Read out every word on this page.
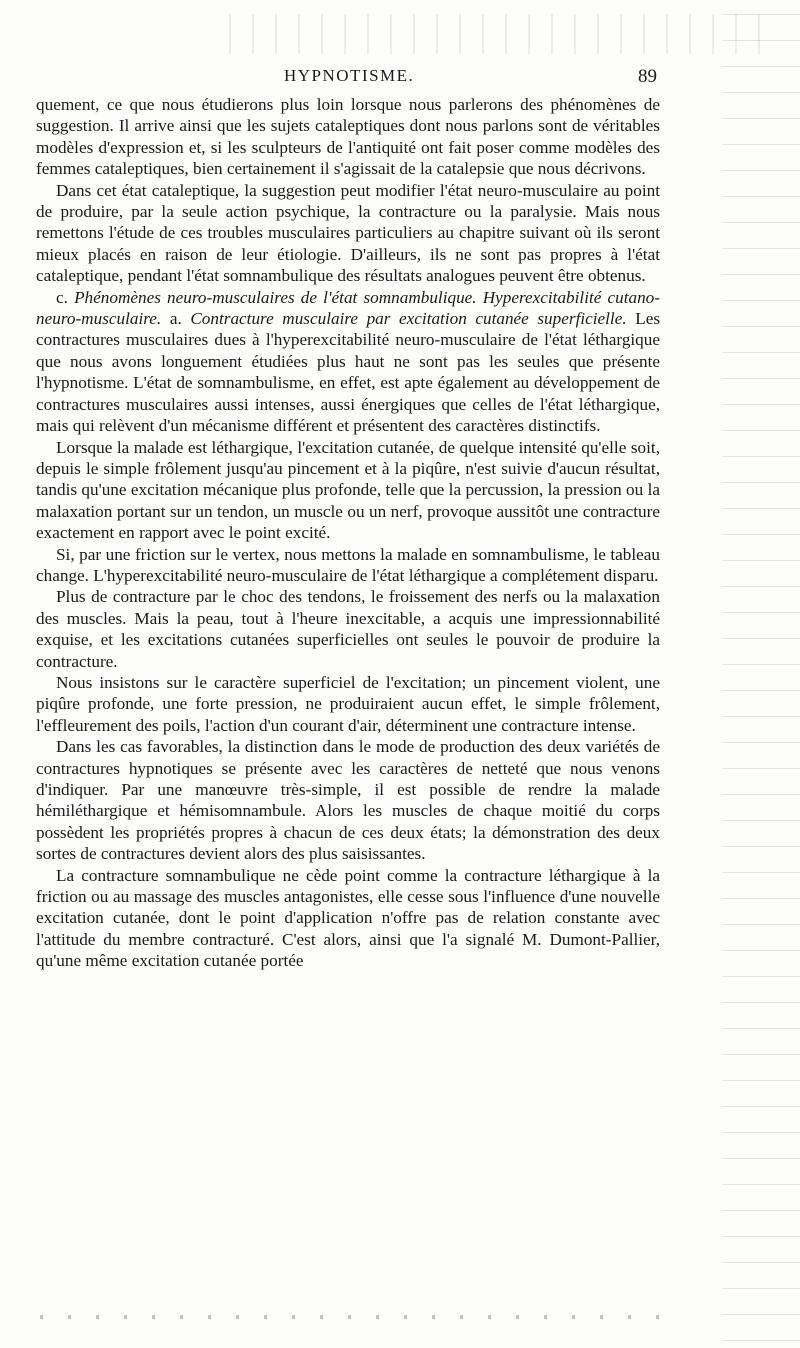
HYPNOTISME.	89

quement, ce que nous étudierons plus loin lorsque nous parlerons des phénomènes de suggestion. Il arrive ainsi que les sujets cataleptiques dont nous parlons sont de véritables modèles d'expression et, si les sculpteurs de l'antiquité ont fait poser comme modèles des femmes cataleptiques, bien certainement il s'agissait de la catalepsie que nous décrivons.

Dans cet état cataleptique, la suggestion peut modifier l'état neuro-musculaire au point de produire, par la seule action psychique, la contracture ou la paralysie. Mais nous remettons l'étude de ces troubles musculaires particuliers au chapitre suivant où ils seront mieux placés en raison de leur étiologie. D'ailleurs, ils ne sont pas propres à l'état cataleptique, pendant l'état somnambulique des résultats analogues peuvent être obtenus.

c. Phénomènes neuro-musculaires de l'état somnambulique. Hyperexcitabilité cutano-neuro-musculaire. a. Contracture musculaire par excitation cutanée superficielle. Les contractures musculaires dues à l'hyperexcitabilité neuro-musculaire de l'état léthargique que nous avons longuement étudiées plus haut ne sont pas les seules que présente l'hypnotisme. L'état de somnambulisme, en effet, est apte également au développement de contractures musculaires aussi intenses, aussi énergiques que celles de l'état léthargique, mais qui relèvent d'un mécanisme différent et présentent des caractères distinctifs.

Lorsque la malade est léthargique, l'excitation cutanée, de quelque intensité qu'elle soit, depuis le simple frôlement jusqu'au pincement et à la piqûre, n'est suivie d'aucun résultat, tandis qu'une excitation mécanique plus profonde, telle que la percussion, la pression ou la malaxation portant sur un tendon, un muscle ou un nerf, provoque aussitôt une contracture exactement en rapport avec le point excité.

Si, par une friction sur le vertex, nous mettons la malade en somnambulisme, le tableau change. L'hyperexcitabilité neuro-musculaire de l'état léthargique a complétement disparu.

Plus de contracture par le choc des tendons, le froissement des nerfs ou la malaxation des muscles. Mais la peau, tout à l'heure inexcitable, a acquis une impressionnabilité exquise, et les excitations cutanées superficielles ont seules le pouvoir de produire la contracture.

Nous insistons sur le caractère superficiel de l'excitation; un pincement violent, une piqûre profonde, une forte pression, ne produiraient aucun effet, le simple frôlement, l'effleurement des poils, l'action d'un courant d'air, déterminent une contracture intense.

Dans les cas favorables, la distinction dans le mode de production des deux variétés de contractures hypnotiques se présente avec les caractères de netteté que nous venons d'indiquer. Par une manœuvre très-simple, il est possible de rendre la malade hémiléthargique et hémisomnambule. Alors les muscles de chaque moitié du corps possèdent les propriétés propres à chacun de ces deux états; la démonstration des deux sortes de contractures devient alors des plus saisissantes.

La contracture somnambulique ne cède point comme la contracture léthargique à la friction ou au massage des muscles antagonistes, elle cesse sous l'influence d'une nouvelle excitation cutanée, dont le point d'application n'offre pas de relation constante avec l'attitude du membre contracturé. C'est alors, ainsi que l'a signalé M. Dumont-Pallier, qu'une même excitation cutanée portée
